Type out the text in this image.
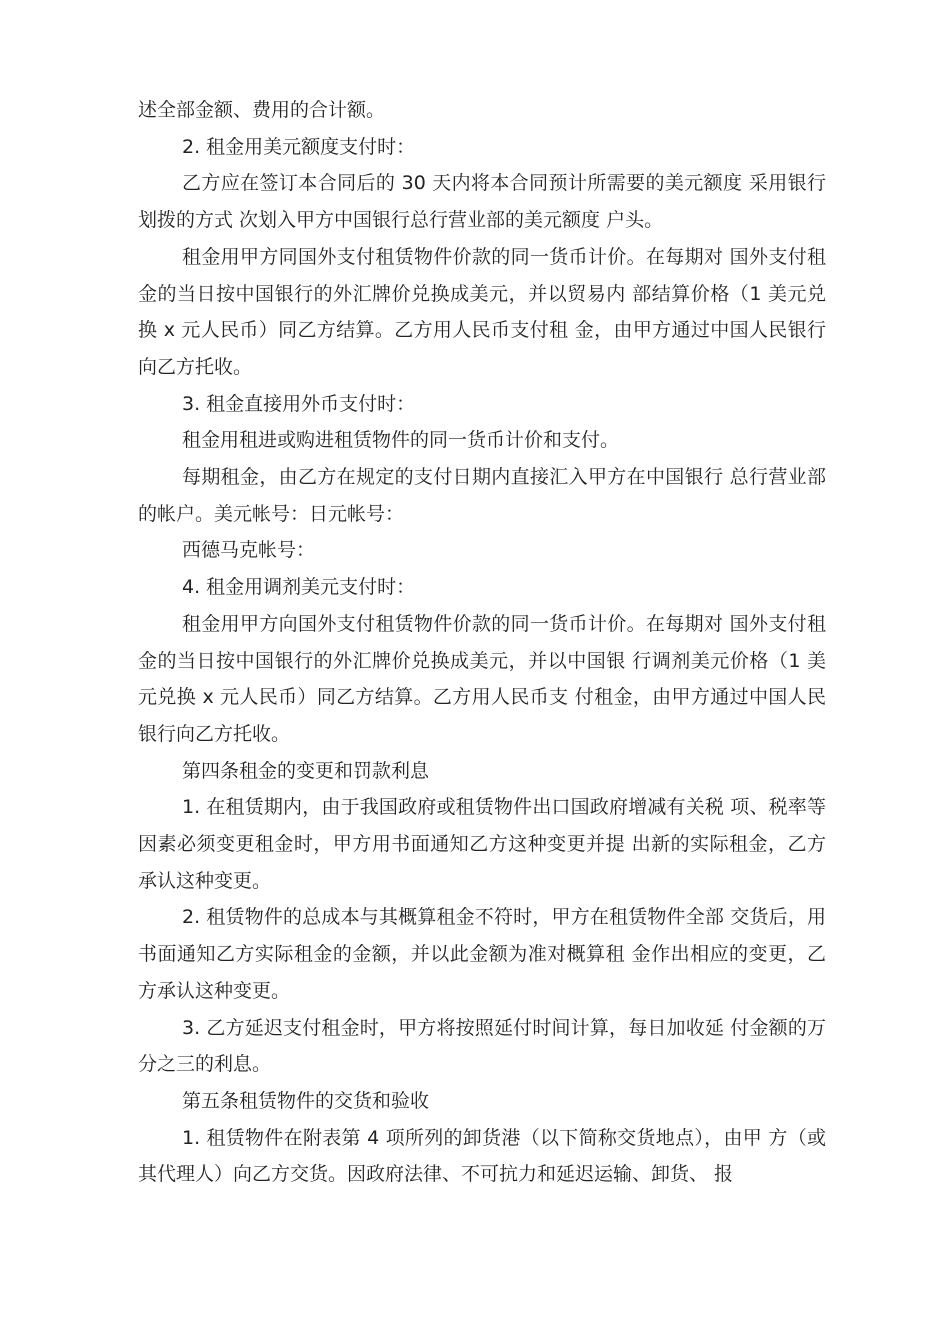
述全部金额、费用的合计额。

2. 租金用美元额度支付时：

乙方应在签订本合同后的 30 天内将本合同预计所需要的美元额度 采用银行划拨的方式 次划入甲方中国银行总行营业部的美元额度 户头。

租金用甲方同国外支付租赁物件价款的同一货币计价。在每期对 国外支付租金的当日按中国银行的外汇牌价兑换成美元，并以贸易内 部结算价格（1 美元兑换 x 元人民币）同乙方结算。乙方用人民币支付租 金，由甲方通过中国人民银行向乙方托收。

3. 租金直接用外币支付时：

租金用租进或购进租赁物件的同一货币计价和支付。

每期租金，由乙方在规定的支付日期内直接汇入甲方在中国银行 总行营业部的帐户。美元帐号：日元帐号：

西德马克帐号：

4. 租金用调剂美元支付时：

租金用甲方向国外支付租赁物件价款的同一货币计价。在每期对 国外支付租金的当日按中国银行的外汇牌价兑换成美元，并以中国银 行调剂美元价格（1 美元兑换 x 元人民币）同乙方结算。乙方用人民币支 付租金，由甲方通过中国人民银行向乙方托收。

第四条租金的变更和罚款利息

1. 在租赁期内，由于我国政府或租赁物件出口国政府增减有关税 项、税率等因素必须变更租金时，甲方用书面通知乙方这种变更并提 出新的实际租金，乙方承认这种变更。

2. 租赁物件的总成本与其概算租金不符时，甲方在租赁物件全部 交货后，用书面通知乙方实际租金的金额，并以此金额为准对概算租 金作出相应的变更，乙方承认这种变更。

3. 乙方延迟支付租金时，甲方将按照延付时间计算，每日加收延 付金额的万分之三的利息。

第五条租赁物件的交货和验收

1. 租赁物件在附表第 4 项所列的卸货港（以下简称交货地点），由甲 方（或其代理人）向乙方交货。因政府法律、不可抗力和延迟运输、卸货、 报
